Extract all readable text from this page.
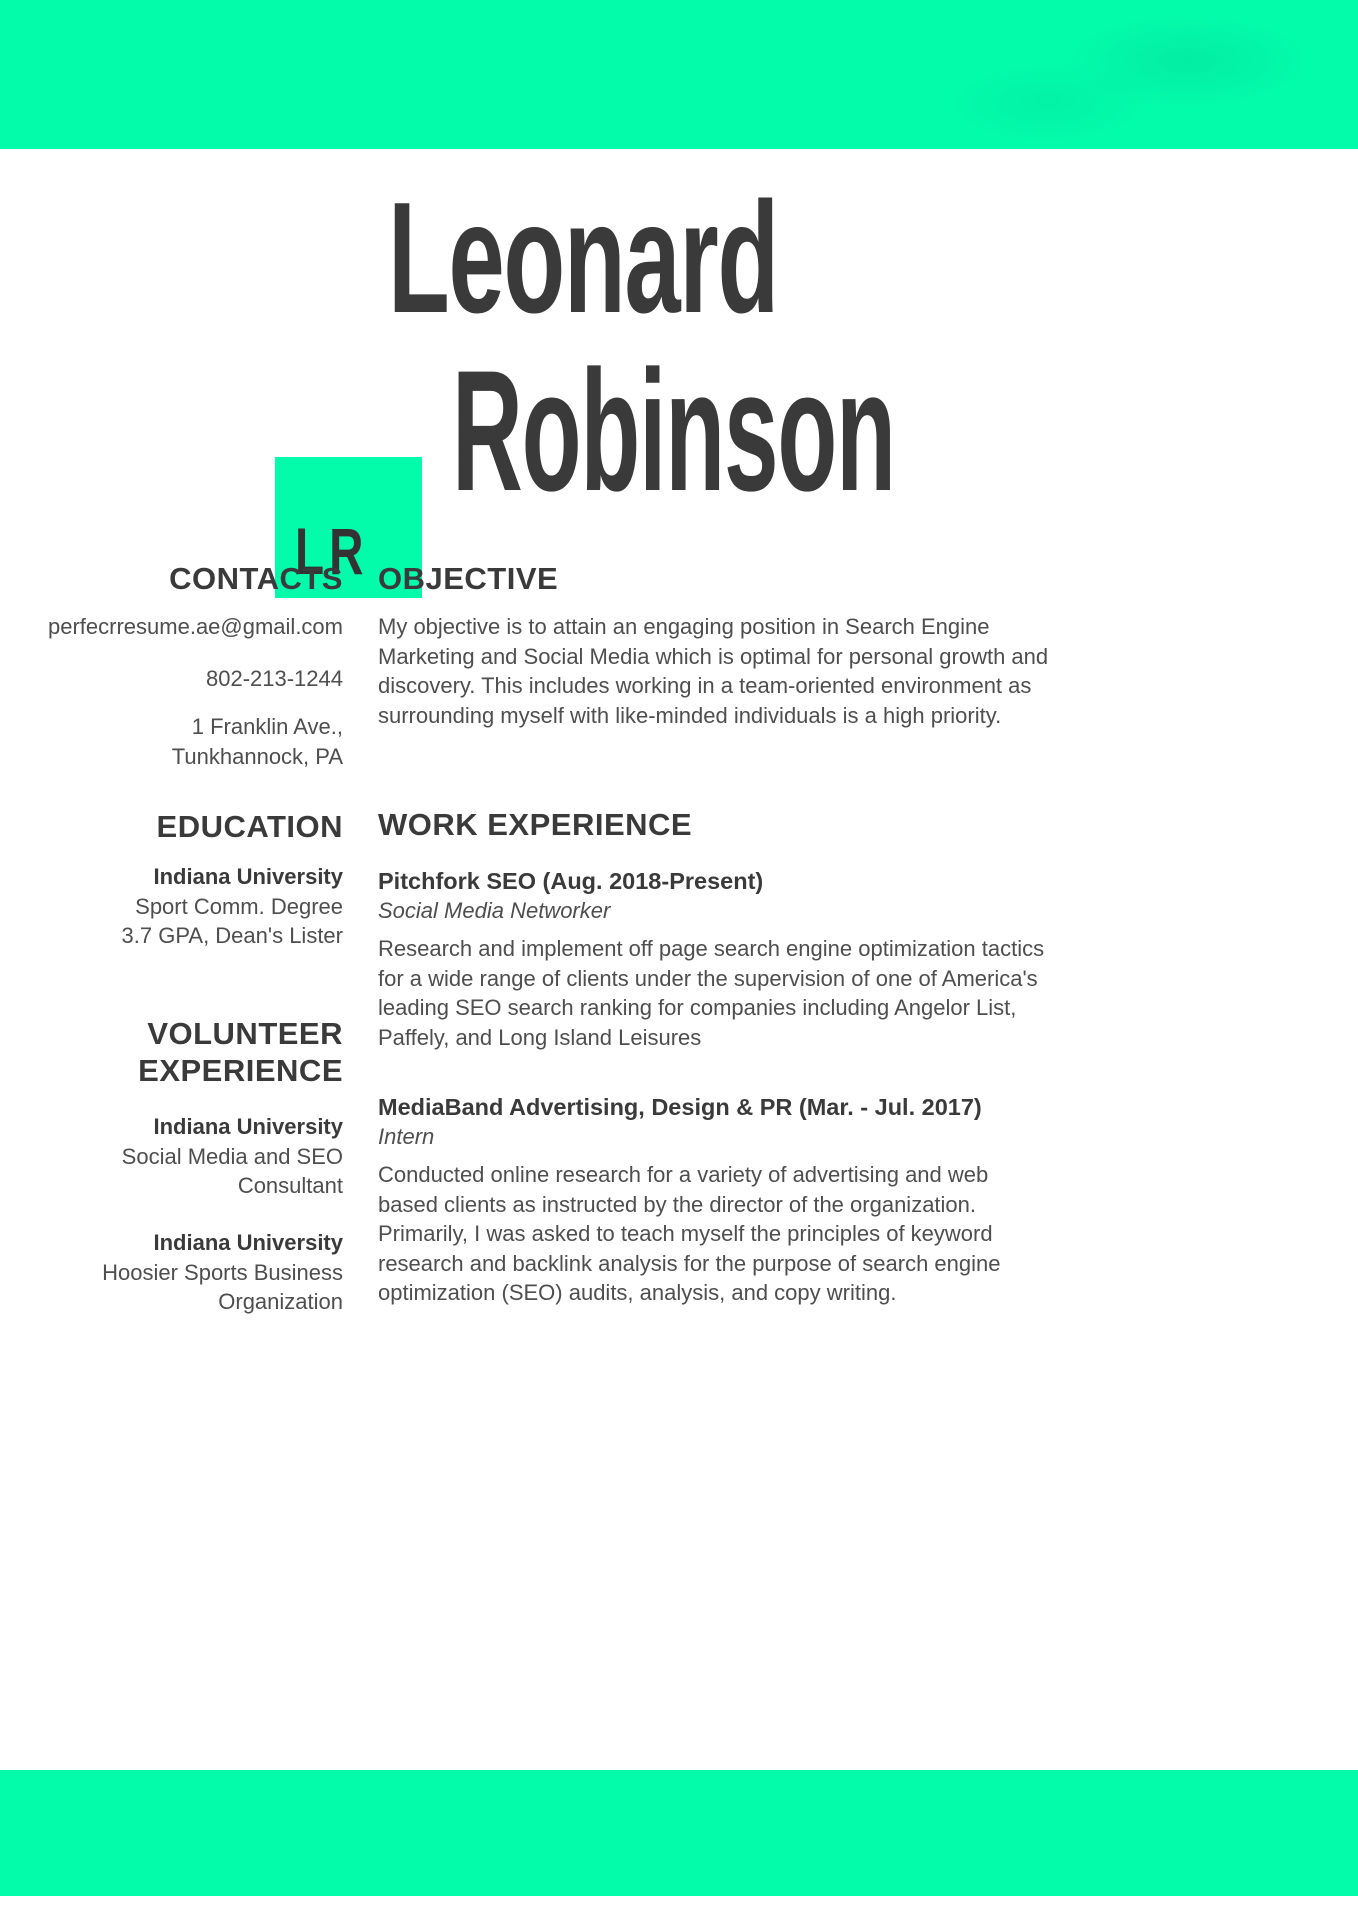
Leonard
LR
Robinson
CONTACTS
perfecrresume.ae@gmail.com
802-213-1244
1 Franklin Ave.,
Tunkhannock, PA
EDUCATION
Indiana University
Sport Comm. Degree
3.7 GPA, Dean's Lister
VOLUNTEER EXPERIENCE
Indiana University
Social Media and SEO Consultant
Indiana University
Hoosier Sports Business Organization
OBJECTIVE
My objective is to attain an engaging position in Search Engine Marketing and Social Media which is optimal for personal growth and discovery. This includes working in a team-oriented environment as surrounding myself with like-minded individuals is a high priority.
WORK EXPERIENCE
Pitchfork SEO (Aug. 2018-Present)
Social Media Networker
Research and implement off page search engine optimization tactics for a wide range of clients under the supervision of one of America's leading SEO search ranking for companies including Angelor List, Paffely, and Long Island Leisures
MediaBand Advertising, Design & PR (Mar. - Jul. 2017)
Intern
Conducted online research for a variety of advertising and web based clients as instructed by the director of the organization. Primarily, I was asked to teach myself the principles of keyword research and backlink analysis for the purpose of search engine optimization (SEO) audits, analysis, and copy writing.
